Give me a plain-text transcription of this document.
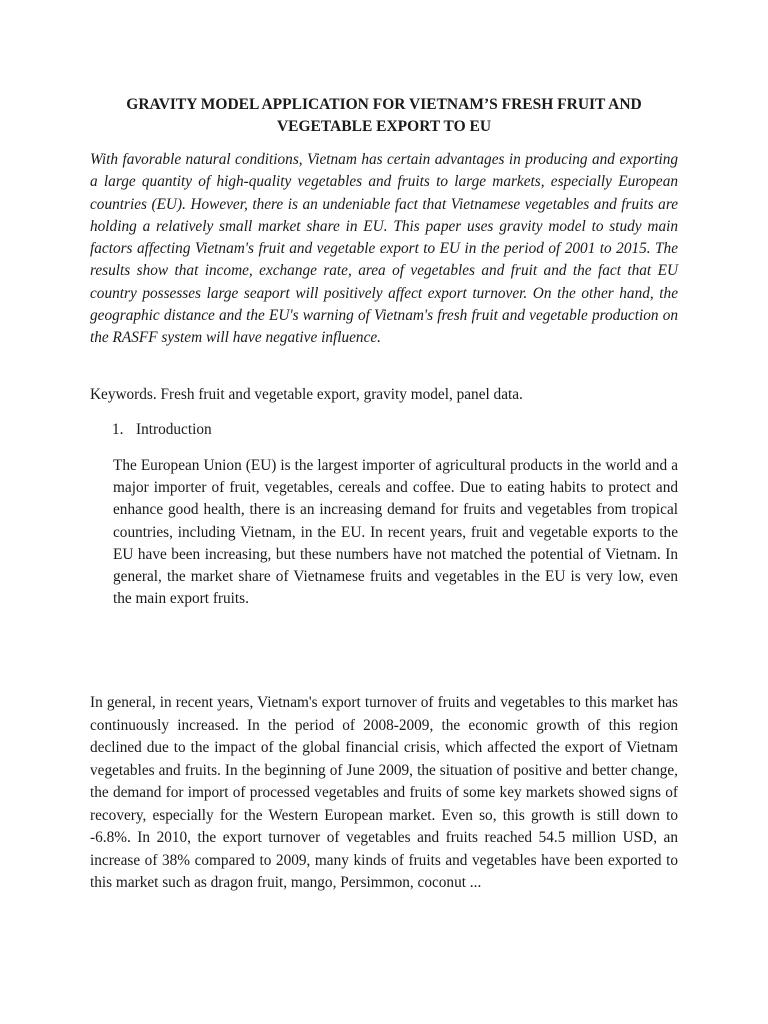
GRAVITY MODEL APPLICATION FOR VIETNAM’S FRESH FRUIT AND VEGETABLE EXPORT TO EU

With favorable natural conditions, Vietnam has certain advantages in producing and exporting a large quantity of high-quality vegetables and fruits to large markets, especially European countries (EU). However, there is an undeniable fact that Vietnamese vegetables and fruits are holding a relatively small market share in EU. This paper uses gravity model to study main factors affecting Vietnam's fruit and vegetable export to EU in the period of 2001 to 2015. The results show that income, exchange rate, area of vegetables and fruit and the fact that EU country possesses large seaport will positively affect export turnover. On the other hand, the geographic distance and the EU's warning of Vietnam's fresh fruit and vegetable production on the RASFF system will have negative influence.

Keywords. Fresh fruit and vegetable export, gravity model, panel data.

1. Introduction

The European Union (EU) is the largest importer of agricultural products in the world and a major importer of fruit, vegetables, cereals and coffee. Due to eating habits to protect and enhance good health, there is an increasing demand for fruits and vegetables from tropical countries, including Vietnam, in the EU. In recent years, fruit and vegetable exports to the EU have been increasing, but these numbers have not matched the potential of Vietnam. In general, the market share of Vietnamese fruits and vegetables in the EU is very low, even the main export fruits.

In general, in recent years, Vietnam's export turnover of fruits and vegetables to this market has continuously increased. In the period of 2008-2009, the economic growth of this region declined due to the impact of the global financial crisis, which affected the export of Vietnam vegetables and fruits. In the beginning of June 2009, the situation of positive and better change, the demand for import of processed vegetables and fruits of some key markets showed signs of recovery, especially for the Western European market. Even so, this growth is still down to -6.8%. In 2010, the export turnover of vegetables and fruits reached 54.5 million USD, an increase of 38% compared to 2009, many kinds of fruits and vegetables have been exported to this market such as dragon fruit, mango, Persimmon, coconut ...
